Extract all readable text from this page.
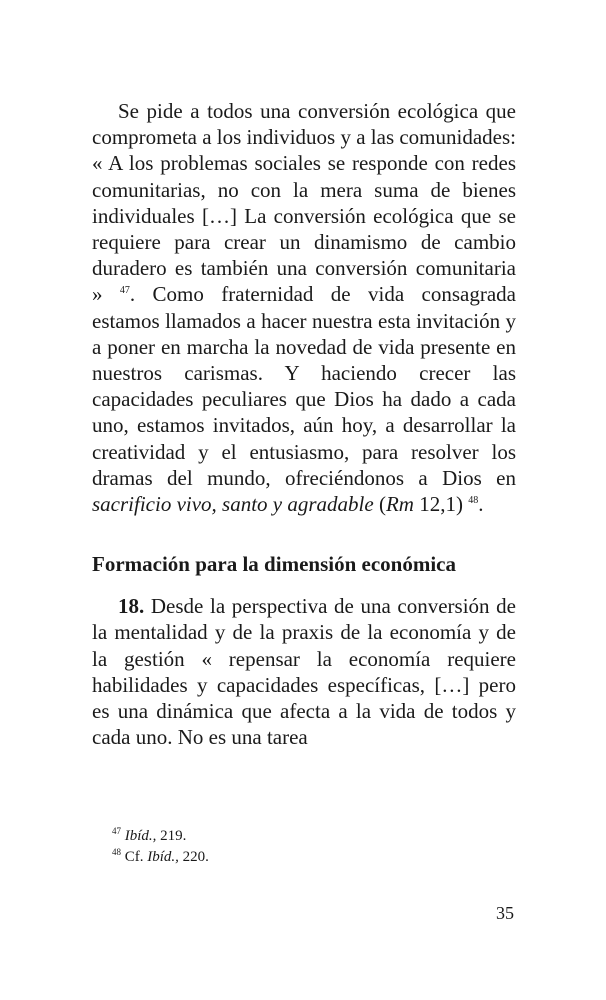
Se pide a todos una conversión ecológica que comprometa a los individuos y a las comunidades: « A los problemas sociales se responde con redes comunitarias, no con la mera suma de bienes individuales […] La conversión ecológica que se requiere para crear un dinamismo de cambio duradero es también una conversión comunitaria » $^{47}$. Como fraternidad de vida consagrada estamos llamados a hacer nuestra esta invitación y a poner en marcha la novedad de vida presente en nuestros carismas. Y haciendo crecer las capacidades peculiares que Dios ha dado a cada uno, estamos invitados, aún hoy, a desarrollar la creatividad y el entusiasmo, para resolver los dramas del mundo, ofreciéndonos a Dios en sacrificio vivo, santo y agradable (Rm 12,1) $^{48}$.

Formación para la dimensión económica

18. Desde la perspectiva de una conversión de la mentalidad y de la praxis de la economía y de la gestión « repensar la economía requiere habilidades y capacidades específicas, […] pero es una dinámica que afecta a la vida de todos y cada uno. No es una tarea

$^{47}$ Ibíd., 219.

$^{48}$ Cf. Ibíd., 220.

35
